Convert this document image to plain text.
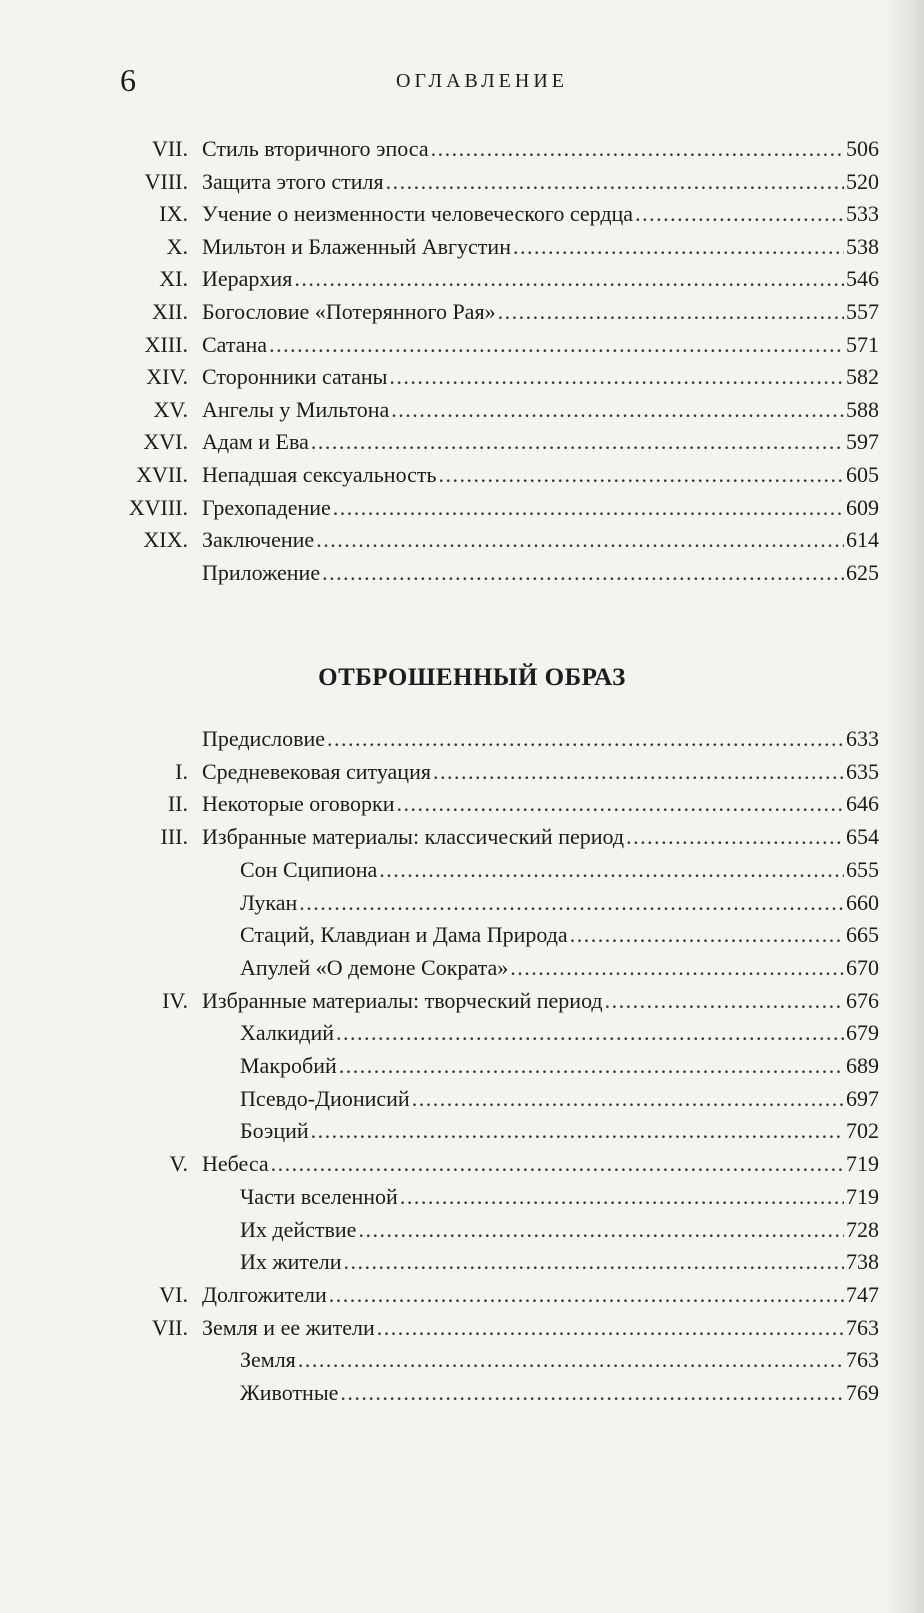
6	ОГЛАВЛЕНИЕ
ОТБРОШЕННЫЙ ОБРАЗ
VII. Стиль вторичного эпоса . . .	506
VIII. Защита этого стиля . . .	520
IX. Учение о неизменности человеческого сердца . . .	533
X. Мильтон и Блаженный Августин . . .	538
XI. Иерархия . . .	546
XII. Богословие «Потерянного Рая» . . .	557
XIII. Сатана . . .	571
XIV. Сторонники сатаны . . .	582
XV. Ангелы у Мильтона . . .	588
XVI. Адам и Ева . . .	597
XVII. Непадшая сексуальность . . .	605
XVIII. Грехопадение . . .	609
XIX. Заключение . . .	614
Приложение . . .	625
Предисловие . . .	633
I. Средневековая ситуация . . .	635
II. Некоторые оговорки . . .	646
III. Избранные материалы: классический период . . .	654
Сон Сципиона . . .	655
Лукан . . .	660
Стаций, Клавдиан и Дама Природа . . .	665
Апулей «О демоне Сократа» . . .	670
IV. Избранные материалы: творческий период . . .	676
Халкидий . . .	679
Макробий . . .	689
Псевдо-Дионисий . . .	697
Боэций . . .	702
V. Небеса . . .	719
Части вселенной . . .	719
Их действие . . .	728
Их жители . . .	738
VI. Долгожители . . .	747
VII. Земля и ее жители . . .	763
Земля . . .	763
Животные . . .	769
